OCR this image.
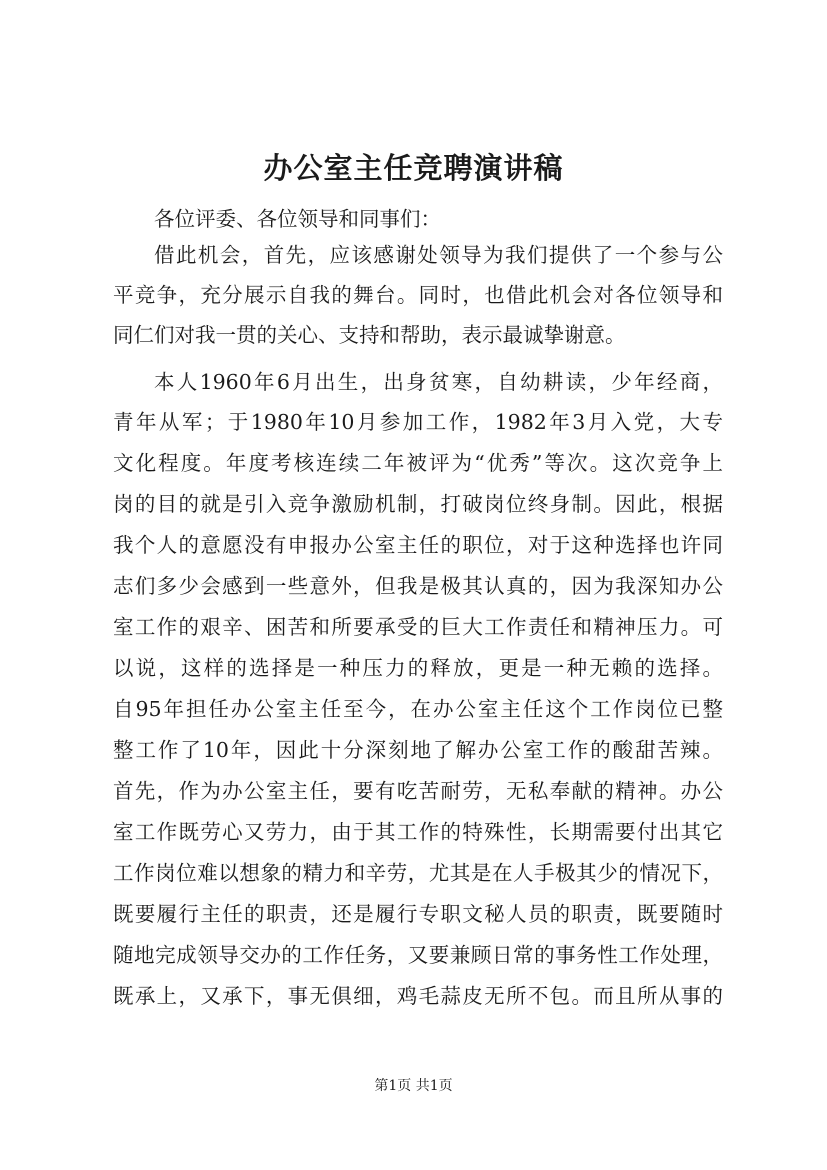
办公室主任竞聘演讲稿

各位评委、各位领导和同事们：

借此机会，首先，应该感谢处领导为我们提供了一个参与公

平竞争，充分展示自我的舞台。同时，也借此机会对各位领导和

同仁们对我一贯的关心、支持和帮助，表示最诚挚谢意。

本人1960年6月出生，出身贫寒，自幼耕读，少年经商，

青年从军；于1980年10月参加工作，1982年3月入党，大专

文化程度。年度考核连续二年被评为“优秀”等次。这次竞争上

岗的目的就是引入竞争激励机制，打破岗位终身制。因此，根据

我个人的意愿没有申报办公室主任的职位，对于这种选择也许同

志们多少会感到一些意外，但我是极其认真的，因为我深知办公

室工作的艰辛、困苦和所要承受的巨大工作责任和精神压力。可

以说，这样的选择是一种压力的释放，更是一种无赖的选择。

自95年担任办公室主任至今，在办公室主任这个工作岗位已整

整工作了10年，因此十分深刻地了解办公室工作的酸甜苦辣。

首先，作为办公室主任，要有吃苦耐劳，无私奉献的精神。办公

室工作既劳心又劳力，由于其工作的特殊性，长期需要付出其它

工作岗位难以想象的精力和辛劳，尤其是在人手极其少的情况下，

既要履行主任的职责，还是履行专职文秘人员的职责，既要随时

随地完成领导交办的工作任务，又要兼顾日常的事务性工作处理，

既承上，又承下，事无俱细，鸡毛蒜皮无所不包。而且所从事的

第1页 共1页
